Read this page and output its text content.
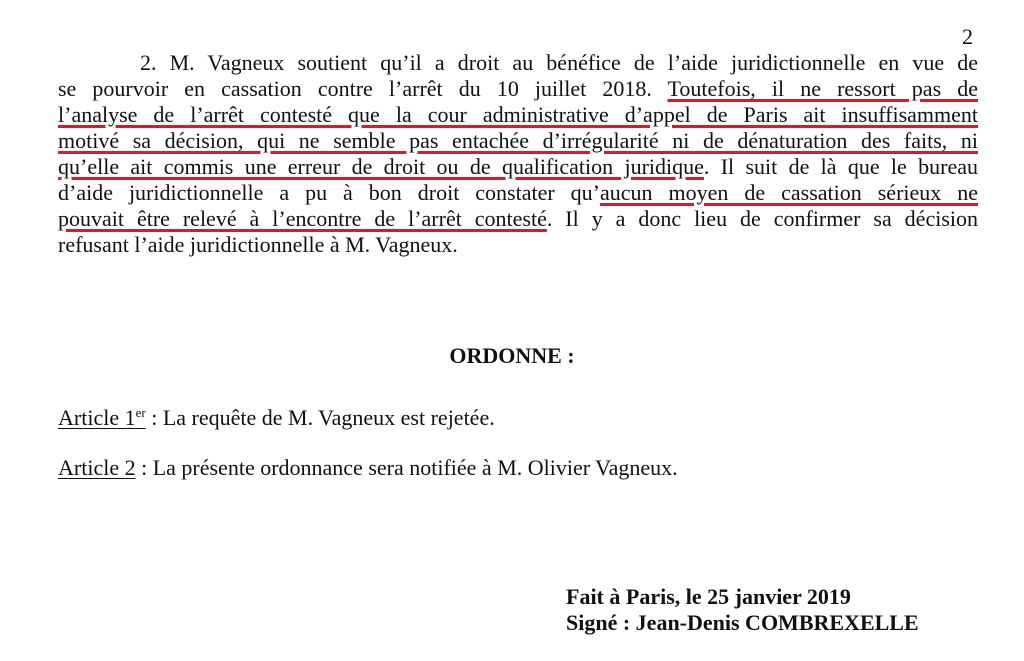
2
2. M. Vagneux soutient qu’il a droit au bénéfice de l’aide juridictionnelle en vue de
se pourvoir en cassation contre l’arrêt du 10 juillet 2018. Toutefois, il ne ressort pas de
l’analyse de l’arrêt contesté que la cour administrative d’appel de Paris ait insuffisamment
motivé sa décision, qui ne semble pas entachée d’irrégularité ni de dénaturation des faits, ni
qu’elle ait commis une erreur de droit ou de qualification juridique. Il suit de là que le bureau
d’aide juridictionnelle a pu à bon droit constater qu’aucun moyen de cassation sérieux ne
pouvait être relevé à l’encontre de l’arrêt contesté. Il y a donc lieu de confirmer sa décision
refusant l’aide juridictionnelle à M. Vagneux.
ORDONNE :
Article 1er : La requête de M. Vagneux est rejetée.
Article 2 : La présente ordonnance sera notifiée à M. Olivier Vagneux.
Fait à Paris, le 25 janvier 2019
Signé : Jean-Denis COMBREXELLE
